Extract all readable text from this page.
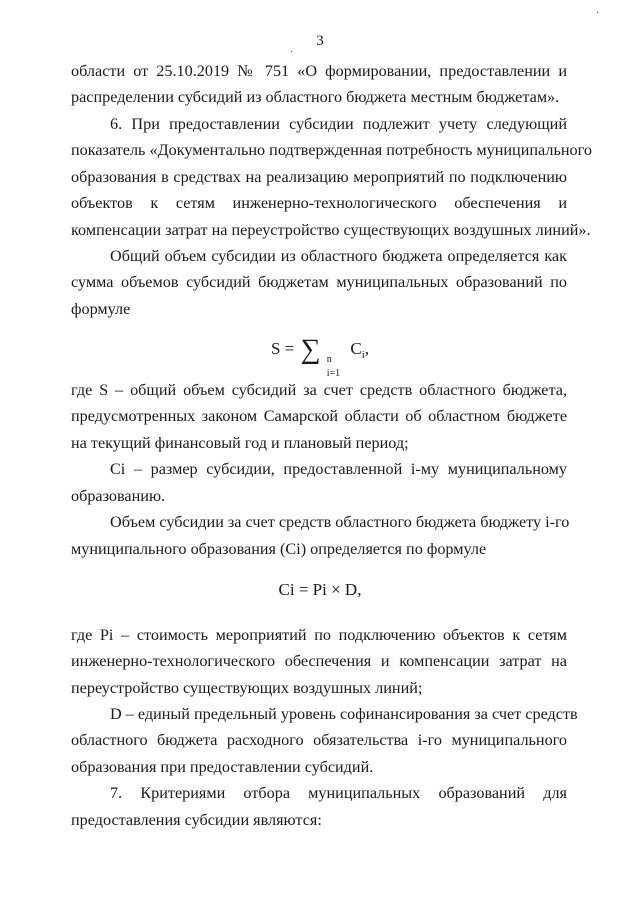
3
области от 25.10.2019 № 751 «О формировании, предоставлении и
распределении субсидий из областного бюджета местным бюджетам».
6. При предоставлении субсидии подлежит учету следующий
показатель «Документально подтвержденная потребность муниципального
образования в средствах на реализацию мероприятий по подключению
объектов к сетям инженерно-технологического обеспечения и
компенсации затрат на переустройство существующих воздушных линий».
Общий объем субсидии из областного бюджета определяется как
сумма объемов субсидий бюджетам муниципальных образований по
формуле
S = ∑ n
i=1
$C_i$,
где S – общий объем субсидий за счет средств областного бюджета,
предусмотренных законом Самарской области об областном бюджете
на текущий финансовый год и плановый период;
Ci – размер субсидии, предоставленной i-му муниципальному
образованию.
Объем субсидии за счет средств областного бюджета бюджету i-го
муниципального образования (Ci) определяется по формуле
Ci = Pi × D,
где Pi – стоимость мероприятий по подключению объектов к сетям
инженерно-технологического обеспечения и компенсации затрат на
переустройство существующих воздушных линий;
D – единый предельный уровень софинансирования за счет средств
областного бюджета расходного обязательства i-го муниципального
образования при предоставлении субсидий.
7. Критериями отбора муниципальных образований для
предоставления субсидии являются:
·
·
